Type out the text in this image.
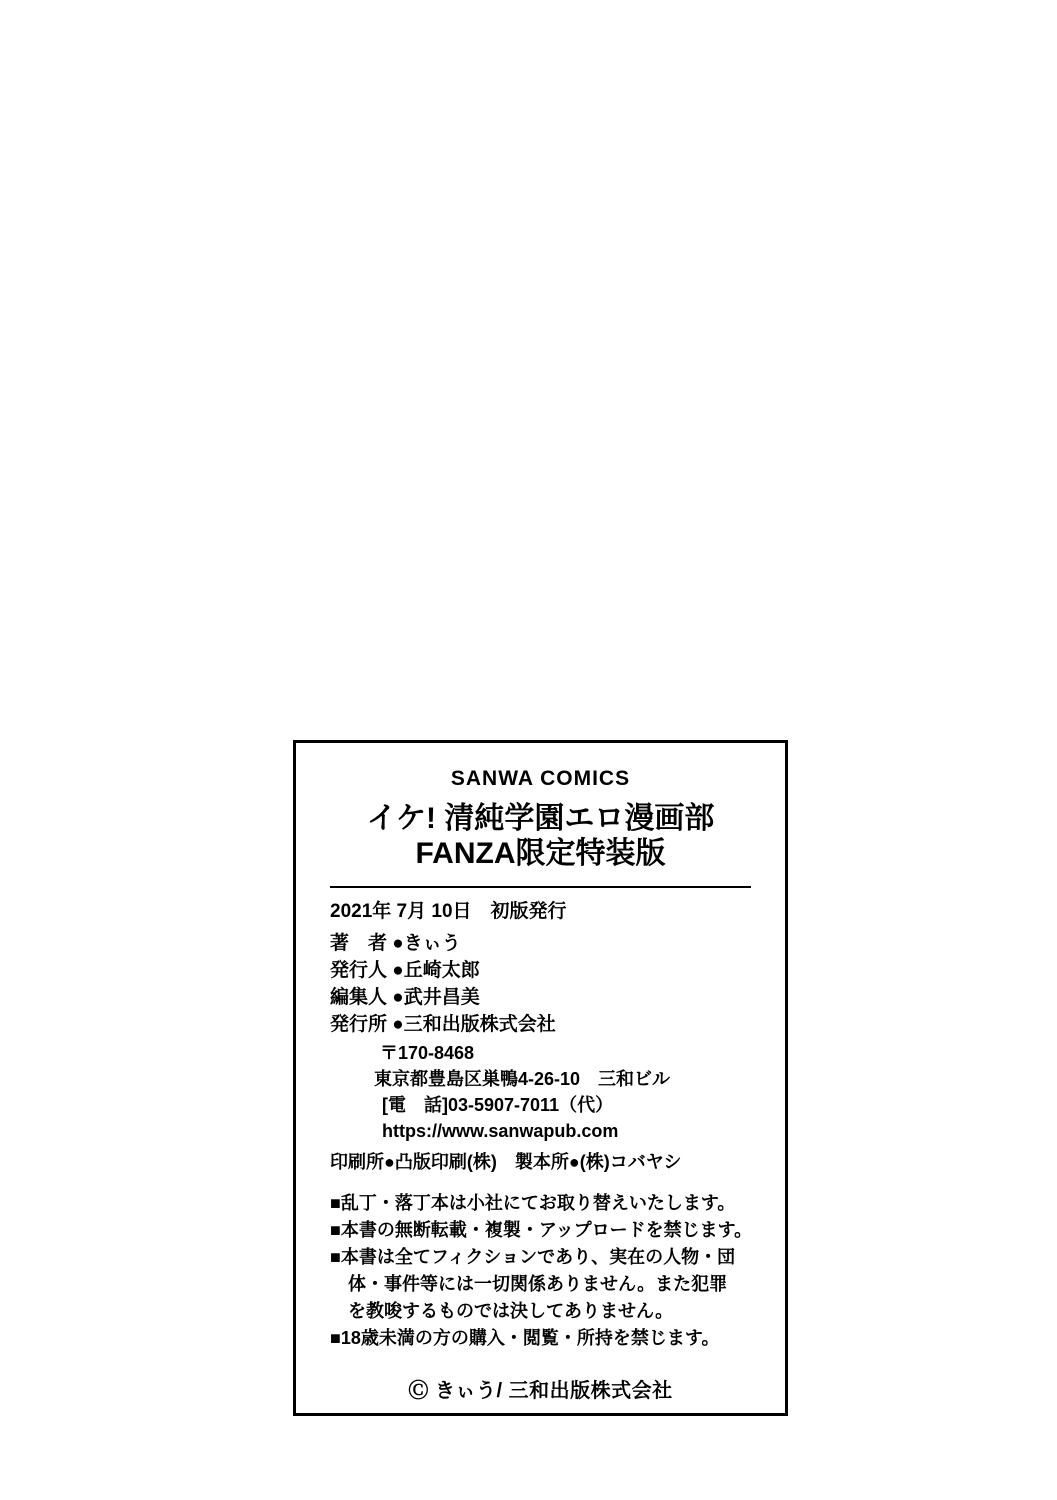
SANWA COMICS
イケ! 清純学園エロ漫画部
FANZA限定特装版
2021年 7月 10日　初版発行
著　者 ●きぃう
発行人 ●丘崎太郎
編集人 ●武井昌美
発行所 ●三和出版株式会社
〒170-8468
東京都豊島区巣鴨4-26-10　三和ビル
[電　話]03-5907-7011（代）
https://www.sanwapub.com
印刷所●凸版印刷(株)　製本所●(株)コバヤシ
■乱丁・落丁本は小社にてお取り替えいたします。
■本書の無断転載・複製・アップロードを禁じます。
■本書は全てフィクションであり、実在の人物・団
体・事件等には一切関係ありません。また犯罪
を教唆するものでは決してありません。
■18歳未満の方の購入・閲覧・所持を禁じます。
Ⓒ きぃう/ 三和出版株式会社
